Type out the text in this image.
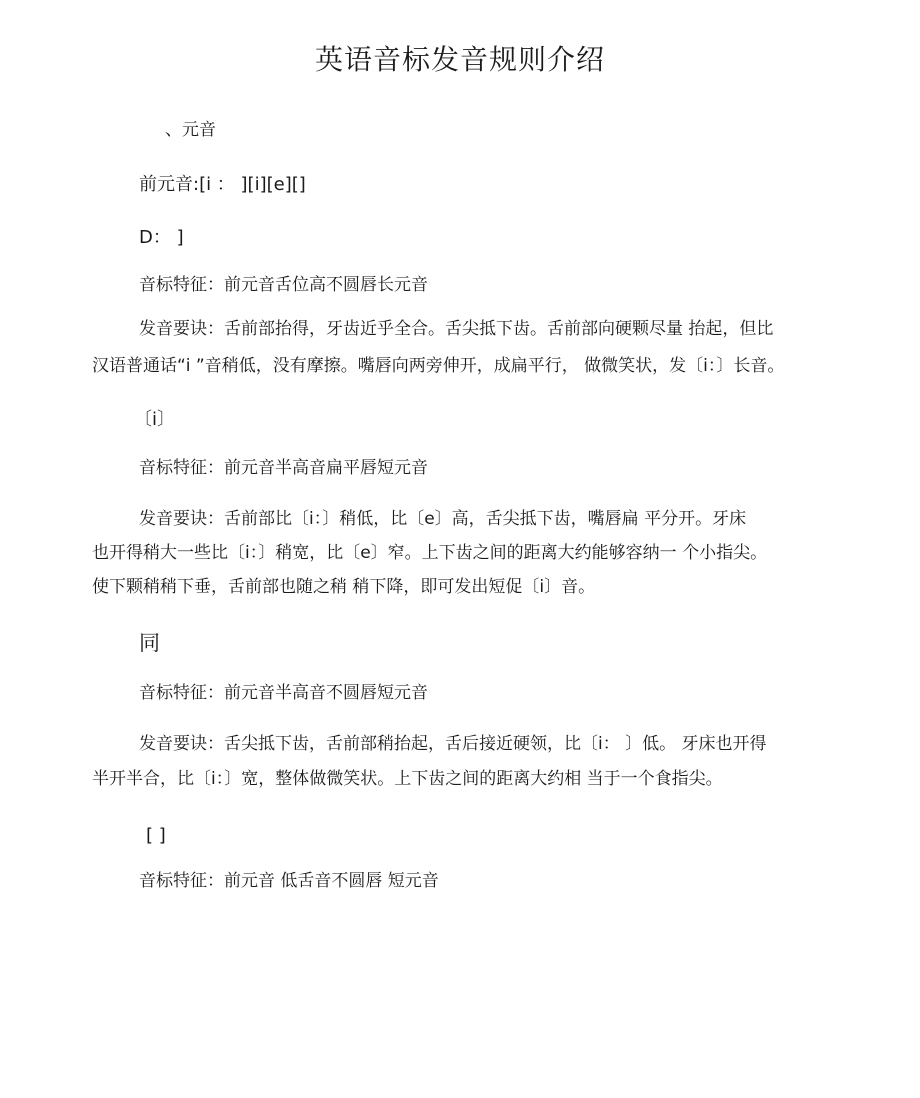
英语音标发音规则介绍
、元音
前元音:[i ： ][i][e][]
D： ]
音标特征：前元音舌位高不圆唇长元音
发音要诀：舌前部抬得，牙齿近乎全合。舌尖抵下齿。舌前部向硬颗尽量 抬起，但比
汉语普通话“i ”音稍低，没有摩擦。嘴唇向两旁伸开，成扁平行， 做微笑状，发〔i：〕长音。
〔i〕
音标特征：前元音半高音扁平唇短元音
发音要诀：舌前部比〔i：〕稍低，比〔e〕高，舌尖抵下齿，嘴唇扁 平分开。牙床
也开得稍大一些比〔i：〕稍宽，比〔e〕窄。上下齿之间的距离大约能够容纳一 个小指尖。
使下颗稍稍下垂，舌前部也随之稍 稍下降，即可发出短促〔i〕音。
同
音标特征：前元音半高音不圆唇短元音
发音要诀：舌尖抵下齿，舌前部稍抬起，舌后接近硬领，比〔i： 〕低。 牙床也开得
半开半合，比〔i：〕宽，整体做微笑状。上下齿之间的距离大约相 当于一个食指尖。
[ ]
音标特征：前元音 低舌音不圆唇 短元音
